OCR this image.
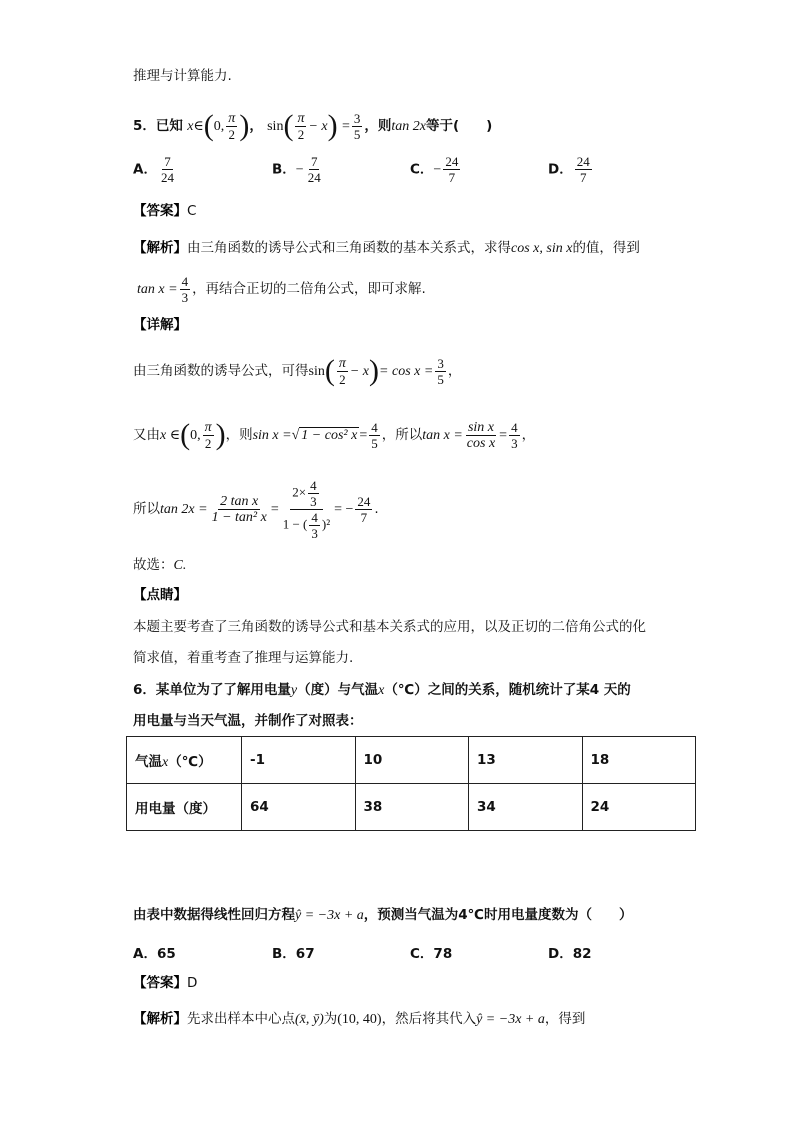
推理与计算能力.
5．已知 x∈(0, $\frac{\pi}{2}$ )， $\sin( \frac{\pi}{2} - x) = \frac{3}{5}$ ，则tan 2x等于(　　)
A． $\frac{7}{24}$	B．− $\frac{7}{24}$	C．− $\frac{24}{7}$	D． $\frac{24}{7}$
【答案】C
【解析】由三角函数的诱导公式和三角函数的基本关系式，求得cos x, sin x的值，得到
$\tan x = \frac{4}{3}$ ，再结合正切的二倍角公式，即可求解.
【详解】
由三角函数的诱导公式，可得$\sin( \frac{\pi}{2} - x)= \cos x = \frac{3}{5}$ ，
又由x ∈(0, $\frac{\pi}{2}$ )，则sin x =√ 1 − cos² $x = \frac{4}{5}$ ，所以$\tan x = \frac{\text{sin x}}{\text{cos x}} = \frac{4}{3}$ ，
所以$\tan 2x = \frac{\text{2 tan x}}{\text{1 − tan² x}} = \frac{2\times \frac{4}{3}}{1 - ( \frac{4}{3} )^2}$ = − $\frac{24}{7}$ .
故选：C.
【点睛】
本题主要考查了三角函数的诱导公式和基本关系式的应用，以及正切的二倍角公式的化
简求值，着重考查了推理与运算能力.
6．某单位为了了解用电量y（度）与气温x（℃）之间的关系，随机统计了某4 天的
用电量与当天气温，并制作了对照表：
气温x（℃）	-1	10	13	18
用电量（度）	64	38	34	24
由表中数据得线性回归方程ŷ = −3x + a，预测当气温为4℃时用电量度数为（　　）
A．65	B．67	C．78	D．82
【答案】D
【解析】先求出样本中心点(x̄, ȳ)为(10, 40)，然后将其代入ŷ = −3x + a，得到
